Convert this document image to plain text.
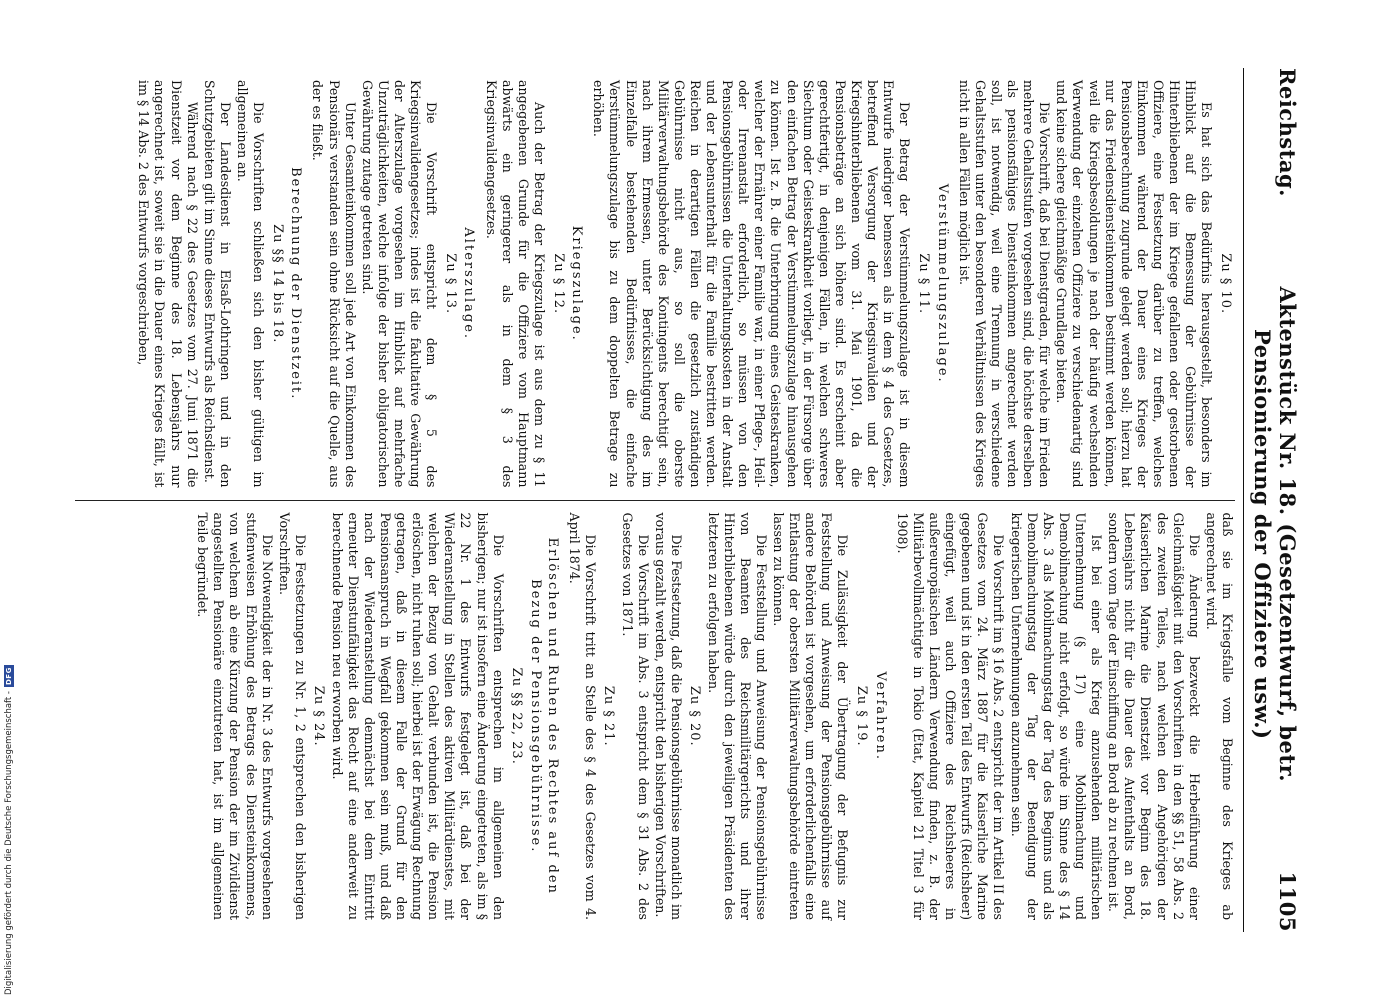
Reichstag.
Aktenstück Nr. 18. (Gesetzentwurf, betr. Pensionierung der Offiziere usw.)
1105
Zu § 10.

Es hat sich das Bedürfnis herausgestellt, besonders im Hinblick auf die Bemessung der Gebührnisse der Hinterbliebenen der im Kriege gefallenen oder gestorbenen Offiziere, eine Festsetzung darüber zu treffen, welches Einkommen während der Dauer eines Krieges der Pensionsberechnung zugrunde gelegt werden soll; hierzu hat nur das Friedensdiensteinkommen bestimmt werden können, weil die Kriegsbesoldungen je nach der häufig wechselnden Verwendung der einzelnen Offiziere zu verschiedenartig sind und keine sichere gleichmäßige Grundlage bieten.

Die Vorschrift, daß bei Dienstgraden, für welche im Frieden mehrere Gehaltsstufen vorgesehen sind, die höchste derselben als pensionsfähiges Diensteinkommen angerechnet werden soll, ist notwendig, weil eine Trennung in verschiedene Gehaltsstufen unter den besonderen Verhältnissen des Krieges nicht in allen Fällen möglich ist.

Verstümmelungszulage.
Zu § 11.

Der Betrag der Verstümmelungszulage ist in diesem Entwurfe niedriger bemessen als in dem § 4 des Gesetzes, betreffend Versorgung der Kriegsinvaliden und der Kriegshinterbliebenen vom 31. Mai 1901, da die Pensionsbeträge an sich höhere sind. Es erscheint aber gerechtfertigt, in denjenigen Fällen, in welchen schweres Siechtum oder Geisteskrankheit vorliegt, in der Fürsorge über den einfachen Betrag der Verstümmelungszulage hinausgehen zu können. Ist z. B. die Unterbringung eines Geisteskranken, welcher der Ernährer einer Familie war, in einer Pflege-, Heil- oder Irrenanstalt erforderlich, so müssen von den Pensionsgebührnissen die Unterhaltungskosten in der Anstalt und der Lebensunterhalt für die Familie bestritten werden. Reichen in derartigen Fällen die gesetzlich zuständigen Gebührnisse nicht aus, so soll die oberste Militärverwaltungsbehörde des Kontingents berechtigt sein, nach ihrem Ermessen, unter Berücksichtigung des im Einzelfalle bestehenden Bedürfnisses, die einfache Verstümmelungszulage bis zu dem doppelten Betrage zu erhöhen.

Kriegszulage.
Zu § 12.

Auch der Betrag der Kriegszulage ist aus dem zu § 11 angegebenen Grunde für die Offiziere vom Hauptmann abwärts ein geringerer als in dem § 3 des Kriegsinvalidengesetzes.

Alterszulage.
Zu § 13.

Die Vorschrift entspricht dem § 5 des Kriegsinvalidengesetzes; indes ist die fakultative Gewährung der Alterszulage vorgesehen im Hinblick auf mehrfache Unzuträglichkeiten, welche infolge der bisher obligatorischen Gewährung zutage getreten sind.

Unter Gesamteinkommen soll jede Art von Einkommen des Pensionärs verstanden sein ohne Rücksicht auf die Quelle, aus der es fließt.

Berechnung der Dienstzeit.
Zu §§ 14 bis 18.

Die Vorschriften schließen sich den bisher gültigen im allgemeinen an.

Der Landesdienst in Elsaß-Lothringen und in den Schutzgebieten gilt im Sinne dieses Entwurfs als Reichsdienst.

Während nach § 22 des Gesetzes vom 27. Juni 1871 die Dienstzeit vor dem Beginne des 18. Lebensjahrs nur angerechnet ist, soweit sie in die Dauer eines Krieges fällt, ist im § 14 Abs. 2 des Entwurfs vorgeschrieben,

daß sie im Kriegsfalle vom Beginne des Krieges ab angerechnet wird.

Die Änderung bezweckt die Herbeiführung einer Gleichmäßigkeit mit den Vorschriften in den §§ 51, 58 Abs. 2 des zweiten Teiles, nach welchen den Angehörigen der Kaiserlichen Marine die Dienstzeit vor Beginn des 18. Lebensjahrs nicht für die Dauer des Aufenthalts an Bord, sondern vom Tage der Einschiffung an Bord ab zu rechnen ist.

Ist bei einer als Krieg anzusehenden militärischen Unternehmung (§ 17) eine Mobilmachung und Demobilmachung nicht erfolgt, so würde im Sinne des § 14 Abs. 3 als Mobilmachungstag der Tag des Beginns und als Demobilmachungstag der Tag der Beendigung der kriegerischen Unternehmungen anzunehmen sein.

Die Vorschrift im § 16 Abs. 2 entspricht der im Artikel II des Gesetzes vom 24. März 1887 für die Kaiserliche Marine gegebenen und ist in den ersten Teil des Entwurfs (Reichsheer) eingefügt, weil auch Offiziere des Reichsheeres in außereuropäischen Ländern Verwendung finden, z. B. der Militärbevollmächtigte in Tokio (Etat, Kapitel 21 Titel 3 für 1908).

Verfahren.
Zu § 19.

Die Zulässigkeit der Übertragung der Befugnis zur Feststellung und Anweisung der Pensionsgebührnisse auf andere Behörden ist vorgesehen, um erforderlichenfalls eine Entlastung der obersten Militärverwaltungsbehörde eintreten lassen zu können.

Die Feststellung und Anweisung der Pensionsgebührnisse von Beamten des Reichsmilitärgerichts und ihrer Hinterbliebenen würde durch den jeweiligen Präsidenten des letzteren zu erfolgen haben.

Zu § 20.

Die Festsetzung, daß die Pensionsgebührnisse monatlich im voraus gezahlt werden, entspricht den bisherigen Vorschriften.

Die Vorschrift im Abs. 3 entspricht dem § 31 Abs. 2 des Gesetzes von 1871.

Zu § 21.

Die Vorschrift tritt an Stelle des § 4 des Gesetzes vom 4. April 1874.

Erlöschen und Ruhen des Rechtes auf den Bezug der Pensionsgebührnisse.
Zu §§ 22, 23.

Die Vorschriften entsprechen im allgemeinen den bisherigen; nur ist insofern eine Änderung eingetreten, als im § 22 Nr. 1 des Entwurfs festgelegt ist, daß bei der Wiederanstellung in Stellen des aktiven Militärdienstes, mit welchen der Bezug von Gehalt verbunden ist, die Pension erlöschen, nicht ruhen soll; hierbei ist der Erwägung Rechnung getragen, daß in diesem Falle der Grund für den Pensionsanspruch in Wegfall gekommen sein muß, und daß nach der Wiederanstellung demnächst bei dem Eintritt erneuter Dienstunfähigkeit das Recht auf eine anderweit zu berechnende Pension neu erworben wird.

Zu § 24.

Die Festsetzungen zu Nr. 1, 2 entsprechen den bisherigen Vorschriften.

Die Notwendigkeit der in Nr. 3 des Entwurfs vorgesehenen stufenweisen Erhöhung des Betrags des Diensteinkommens, von welchem ab eine Kürzung der Pension der im Zivildienst angestellten Pensionäre einzutreten hat, ist im allgemeinen Teile begründet.

Digitalisierung gefördert durch die Deutsche Forschungsgemeinschaft -
DFG
